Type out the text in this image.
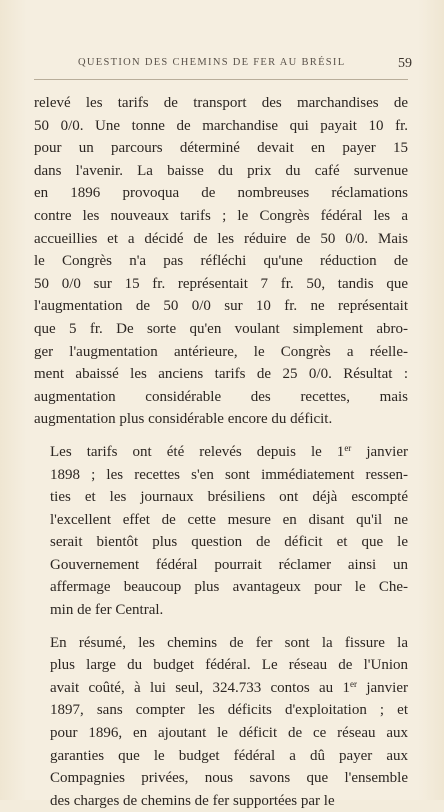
QUESTION DES CHEMINS DE FER AU BRÉSIL	59

relevé les tarifs de transport des marchandises de
50 0/0. Une tonne de marchandise qui payait 10 fr.
pour un parcours déterminé devait en payer 15
dans l'avenir. La baisse du prix du café survenue
en 1896 provoqua de nombreuses réclamations
contre les nouveaux tarifs ; le Congrès fédéral les a
accueillies et a décidé de les réduire de 50 0/0. Mais
le Congrès n'a pas réfléchi qu'une réduction de
50 0/0 sur 15 fr. représentait 7 fr. 50, tandis que
l'augmentation de 50 0/0 sur 10 fr. ne représentait
que 5 fr. De sorte qu'en voulant simplement abro-
ger l'augmentation antérieure, le Congrès a réelle-
ment abaissé les anciens tarifs de 25 0/0. Résultat :
augmentation considérable des recettes, mais
augmentation plus considérable encore du déficit.

Les tarifs ont été relevés depuis le 1er janvier
1898 ; les recettes s'en sont immédiatement ressen-
ties et les journaux brésiliens ont déjà escompté
l'excellent effet de cette mesure en disant qu'il ne
serait bientôt plus question de déficit et que le
Gouvernement fédéral pourrait réclamer ainsi un
affermage beaucoup plus avantageux pour le Che-
min de fer Central.

En résumé, les chemins de fer sont la fissure la
plus large du budget fédéral. Le réseau de l'Union
avait coûté, à lui seul, 324.733 contos au 1er janvier
1897, sans compter les déficits d'exploitation ; et
pour 1896, en ajoutant le déficit de ce réseau aux
garanties que le budget fédéral a dû payer aux
Compagnies privées, nous savons que l'ensemble
des charges de chemins de fer supportées par le
